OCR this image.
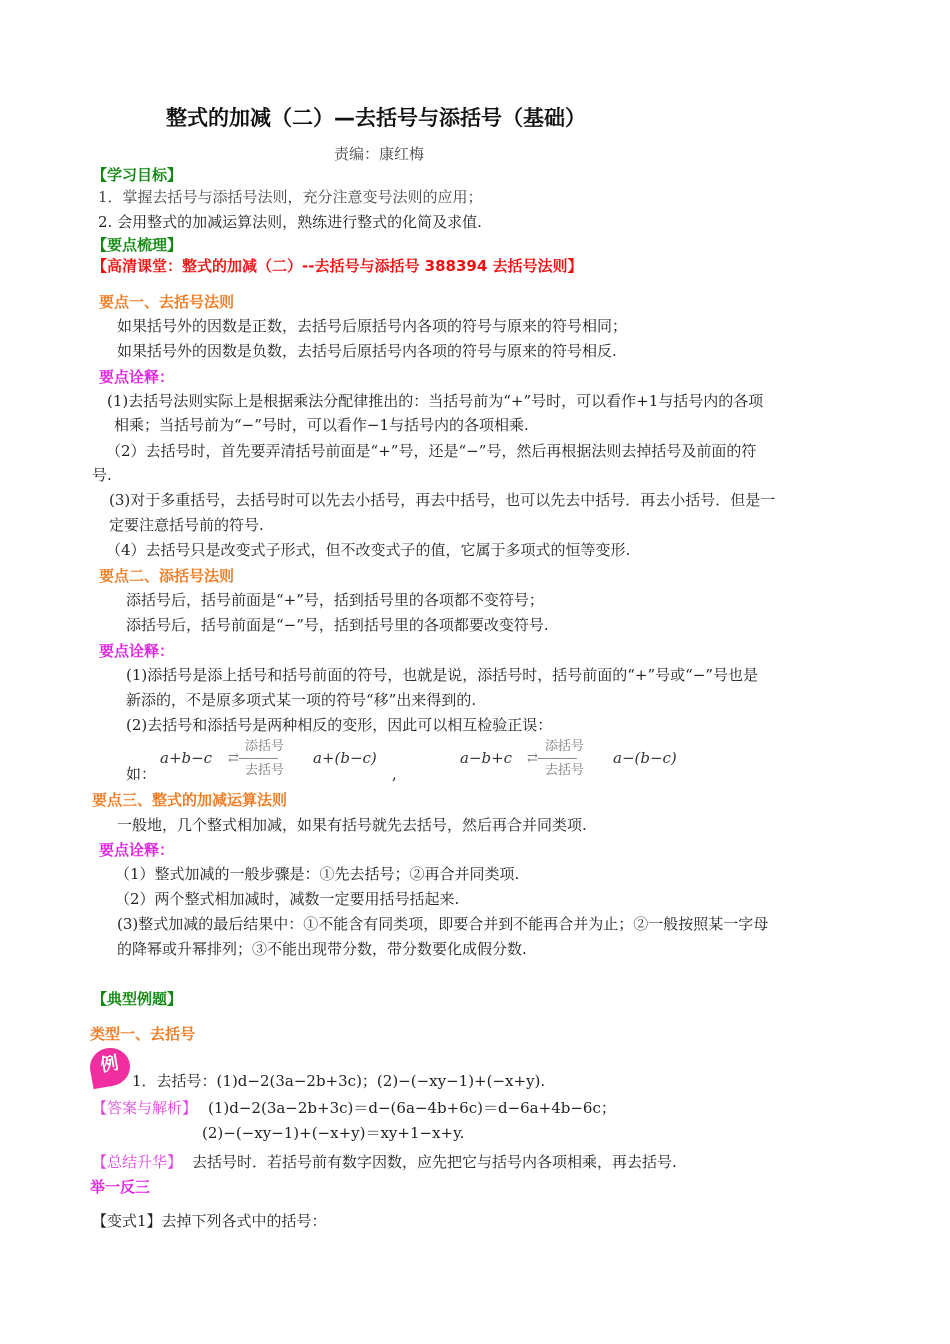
整式的加减（二）—去括号与添括号（基础）
责编：康红梅
【学习目标】
1．掌握去括号与添括号法则，充分注意变号法则的应用；
2. 会用整式的加减运算法则，熟练进行整式的化简及求值.
【要点梳理】
【高清课堂：整式的加减（二）--去括号与添括号 388394 去括号法则】
要点一、去括号法则
如果括号外的因数是正数，去括号后原括号内各项的符号与原来的符号相同；
如果括号外的因数是负数，去括号后原括号内各项的符号与原来的符号相反.
要点诠释：
(1)去括号法则实际上是根据乘法分配律推出的：当括号前为“+”号时，可以看作+1与括号内的各项
相乘；当括号前为“−”号时，可以看作−1与括号内的各项相乘.
（2）去括号时，首先要弄清括号前面是“+”号，还是“−”号，然后再根据法则去掉括号及前面的符
号.
(3)对于多重括号，去括号时可以先去小括号，再去中括号，也可以先去中括号．再去小括号．但是一
定要注意括号前的符号.
（4）去括号只是改变式子形式，但不改变式子的值，它属于多项式的恒等变形.
要点二、添括号法则
添括号后，括号前面是“+”号，括到括号里的各项都不变符号；
添括号后，括号前面是“−”号，括到括号里的各项都要改变符号.
要点诠释：
(1)添括号是添上括号和括号前面的符号，也就是说，添括号时，括号前面的“+”号或“−”号也是
新添的，不是原多项式某一项的符号“移”出来得到的.
(2)去括号和添括号是两种相反的变形，因此可以相互检验正误：
如：
a+b−c
添括号
⇄―――
去括号
a+(b−c)
,
a−b+c
添括号
⇄―――
去括号
a−(b−c)
要点三、整式的加减运算法则
一般地，几个整式相加减，如果有括号就先去括号，然后再合并同类项.
要点诠释：
（1）整式加减的一般步骤是：①先去括号；②再合并同类项.
（2）两个整式相加减时，减数一定要用括号括起来.
(3)整式加减的最后结果中：①不能含有同类项，即要合并到不能再合并为止；②一般按照某一字母
的降幂或升幂排列；③不能出现带分数，带分数要化成假分数.
【典型例题】
类型一、去括号
例
1．去括号：(1)d−2(3a−2b+3c)；(2)−(−xy−1)+(−x+y).
【答案与解析】 (1)d−2(3a−2b+3c)＝d−(6a−4b+6c)＝d−6a+4b−6c；
(2)−(−xy−1)+(−x+y)＝xy+1−x+y.
【总结升华】 去括号时．若括号前有数字因数，应先把它与括号内各项相乘，再去括号.
举一反三
【变式1】去掉下列各式中的括号：
